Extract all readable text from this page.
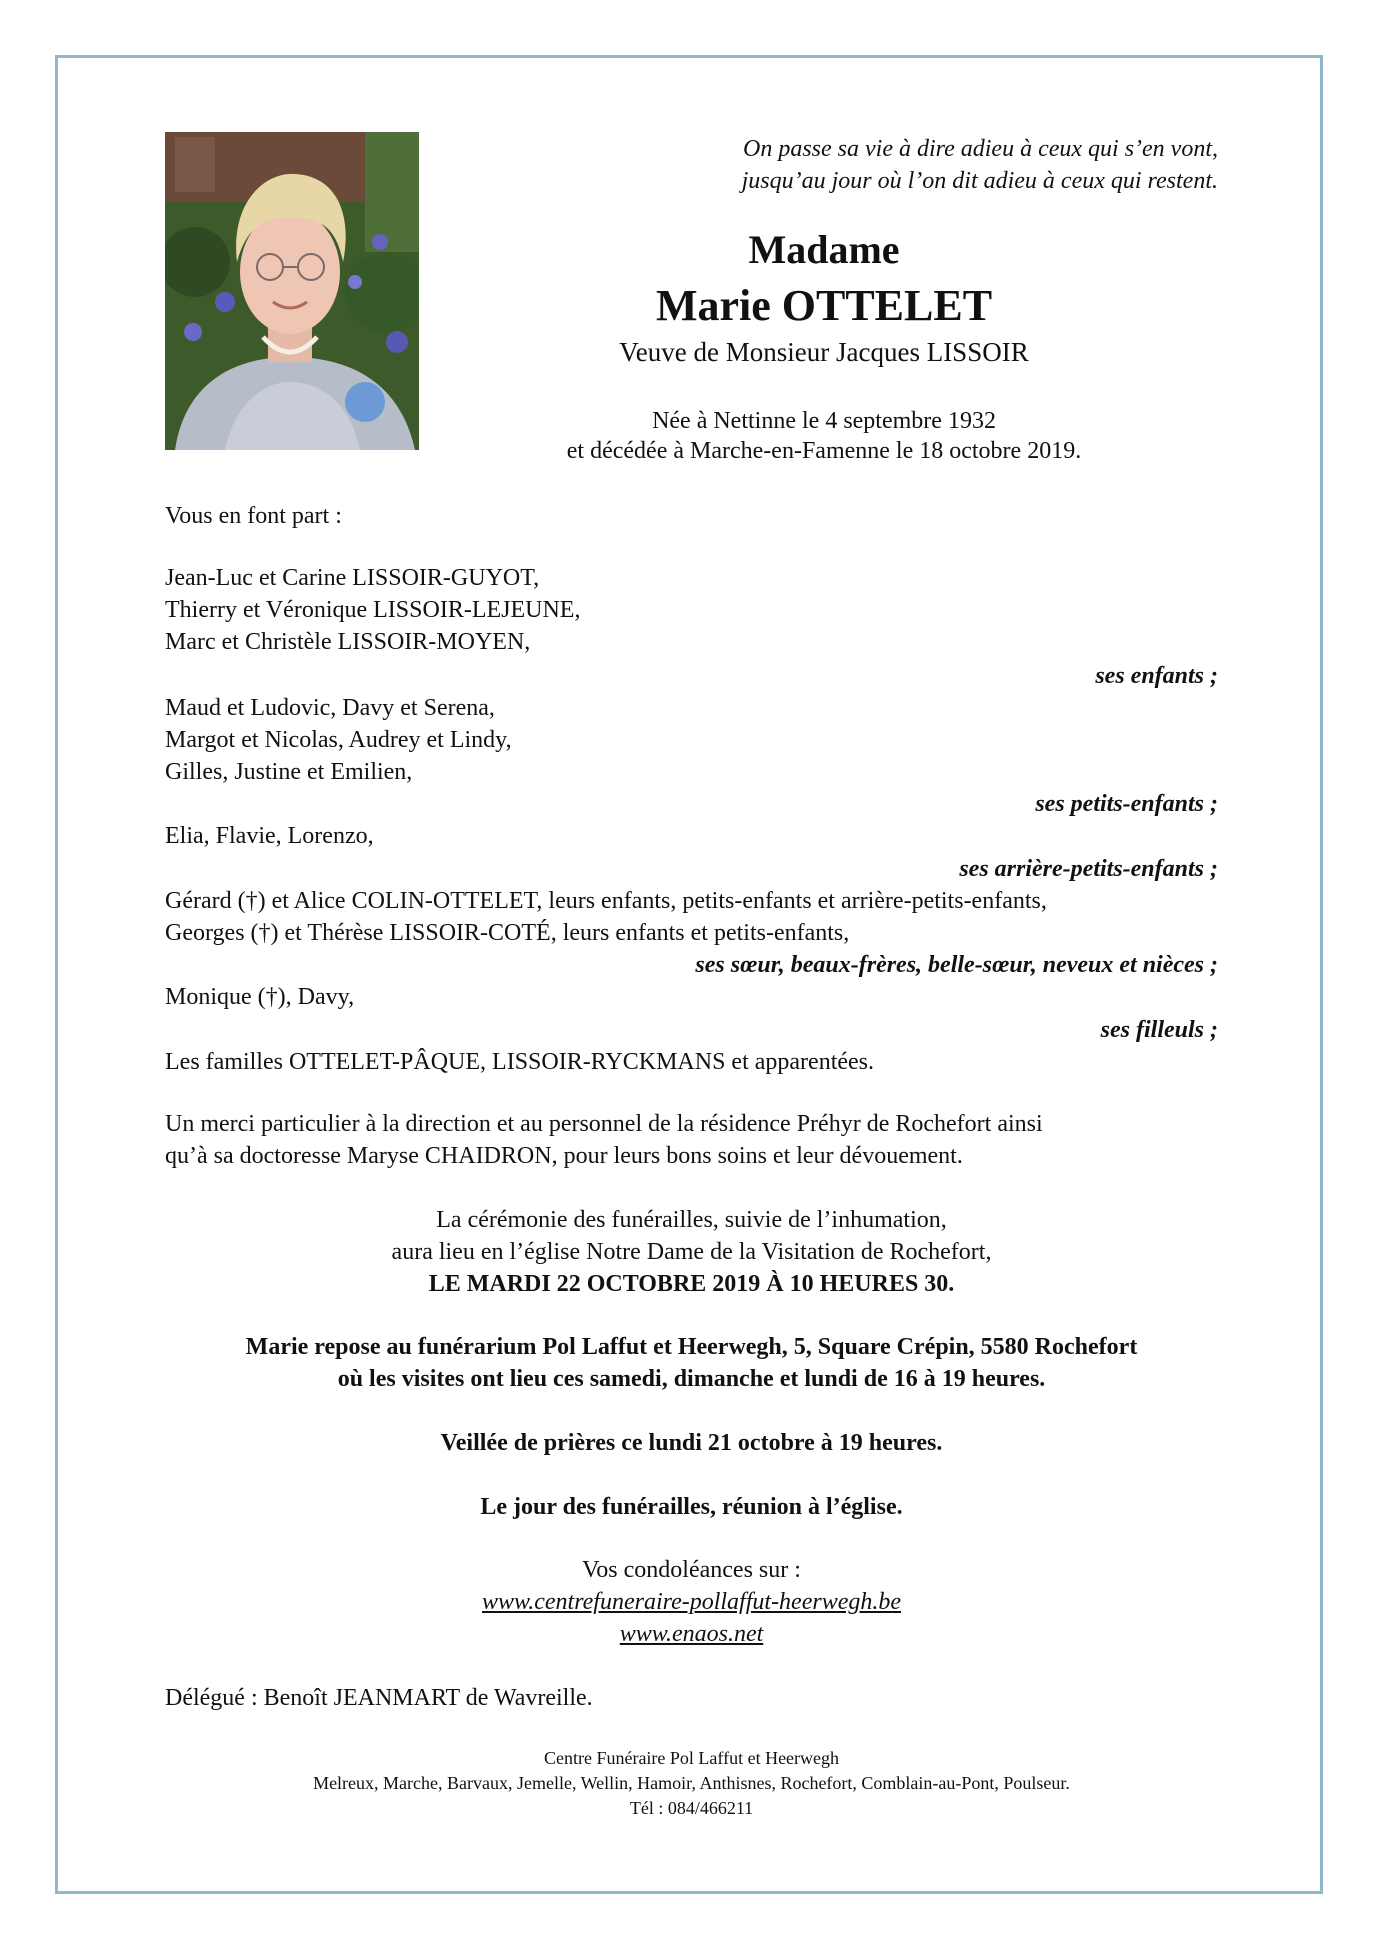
On passe sa vie à dire adieu à ceux qui s’en vont,
jusqu’au jour où l’on dit adieu à ceux qui restent.
Madame
Marie OTTELET
Veuve de Monsieur Jacques LISSOIR
Née à Nettinne le 4 septembre 1932
et décédée à Marche-en-Famenne le 18 octobre 2019.
Vous en font part :
Jean-Luc et Carine LISSOIR-GUYOT,
Thierry et Véronique LISSOIR-LEJEUNE,
Marc et Christèle LISSOIR-MOYEN,
ses enfants ;
Maud et Ludovic, Davy et Serena,
Margot et Nicolas, Audrey et Lindy,
Gilles, Justine et Emilien,
ses petits-enfants ;
Elia, Flavie, Lorenzo,
ses arrière-petits-enfants ;
Gérard (†) et Alice COLIN-OTTELET, leurs enfants, petits-enfants et arrière-petits-enfants,
Georges (†) et Thérèse LISSOIR-COTÉ, leurs enfants et petits-enfants,
ses sœur, beaux-frères, belle-sœur, neveux et nièces ;
Monique (†), Davy,
ses filleuls ;
Les familles OTTELET-PÂQUE, LISSOIR-RYCKMANS et apparentées.
Un merci particulier à la direction et au personnel de la résidence Préhyr de Rochefort ainsi
qu’à sa doctoresse Maryse CHAIDRON, pour leurs bons soins et leur dévouement.
La cérémonie des funérailles, suivie de l’inhumation,
aura lieu en l’église Notre Dame de la Visitation de Rochefort,
LE MARDI 22 OCTOBRE 2019 À 10 HEURES 30.
Marie repose au funérarium Pol Laffut et Heerwegh, 5, Square Crépin, 5580 Rochefort
où les visites ont lieu ces samedi, dimanche et lundi de 16 à 19 heures.
Veillée de prières ce lundi 21 octobre à 19 heures.
Le jour des funérailles, réunion à l’église.
Vos condoléances sur :
www.centrefuneraire-pollaffut-heerwegh.be
www.enaos.net
Délégué : Benoît JEANMART de Wavreille.
Centre Funéraire Pol Laffut et Heerwegh
Melreux, Marche, Barvaux, Jemelle, Wellin, Hamoir, Anthisnes, Rochefort, Comblain-au-Pont, Poulseur.
Tél : 084/466211
